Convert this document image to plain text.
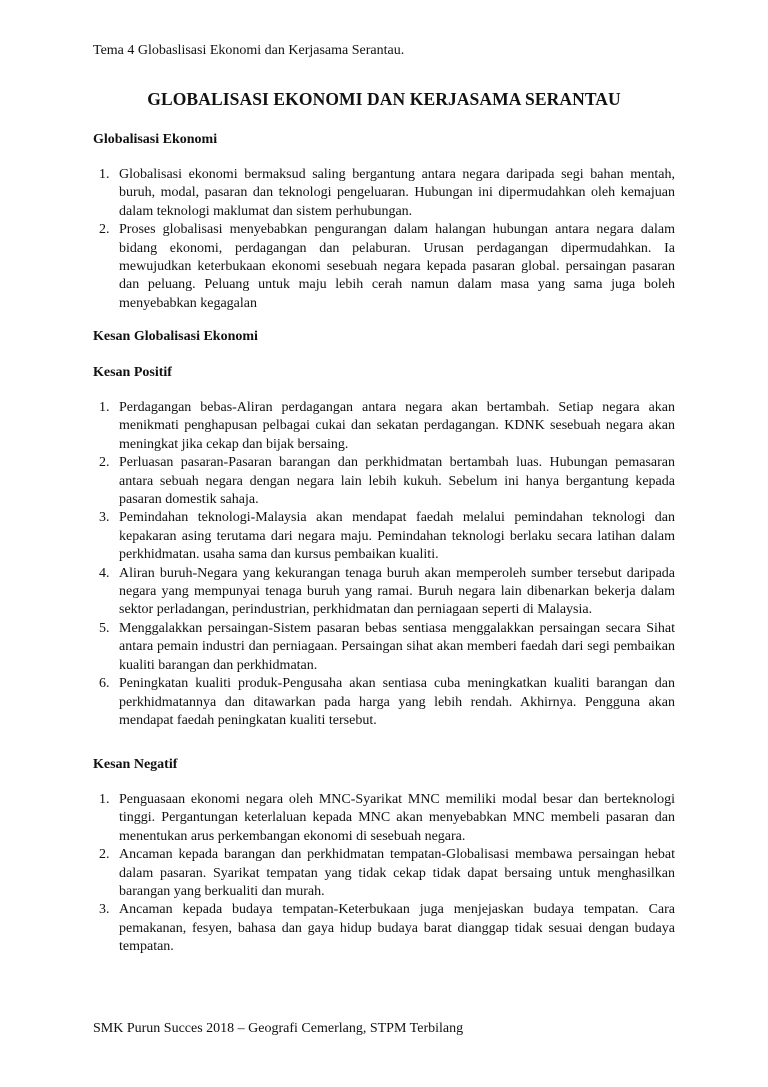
Tema 4 Globaslisasi Ekonomi dan Kerjasama Serantau.
GLOBALISASI EKONOMI DAN KERJASAMA SERANTAU
Globalisasi Ekonomi
1. Globalisasi ekonomi bermaksud saling bergantung antara negara daripada segi bahan mentah, buruh, modal, pasaran dan teknologi pengeluaran. Hubungan ini dipermudahkan oleh kemajuan dalam teknologi maklumat dan sistem perhubungan.
2. Proses globalisasi menyebabkan pengurangan dalam halangan hubungan antara negara dalam bidang ekonomi, perdagangan dan pelaburan. Urusan perdagangan dipermudahkan. Ia mewujudkan keterbukaan ekonomi sesebuah negara kepada pasaran global. persaingan pasaran dan peluang. Peluang untuk maju lebih cerah namun dalam masa yang sama juga boleh menyebabkan kegagalan
Kesan Globalisasi Ekonomi
Kesan Positif
1. Perdagangan bebas-Aliran perdagangan antara negara akan bertambah. Setiap negara akan menikmati penghapusan pelbagai cukai dan sekatan perdagangan. KDNK sesebuah negara akan meningkat jika cekap dan bijak bersaing.
2. Perluasan pasaran-Pasaran barangan dan perkhidmatan bertambah luas. Hubungan pemasaran antara sebuah negara dengan negara lain lebih kukuh. Sebelum ini hanya bergantung kepada pasaran domestik sahaja.
3. Pemindahan teknologi-Malaysia akan mendapat faedah melalui pemindahan teknologi dan kepakaran asing terutama dari negara maju. Pemindahan teknologi berlaku secara latihan dalam perkhidmatan. usaha sama dan kursus pembaikan kualiti.
4. Aliran buruh-Negara yang kekurangan tenaga buruh akan memperoleh sumber tersebut daripada negara yang mempunyai tenaga buruh yang ramai. Buruh negara lain dibenarkan bekerja dalam sektor perladangan, perindustrian, perkhidmatan dan perniagaan seperti di Malaysia.
5. Menggalakkan persaingan-Sistem pasaran bebas sentiasa menggalakkan persaingan secara Sihat antara pemain industri dan perniagaan. Persaingan sihat akan memberi faedah dari segi pembaikan kualiti barangan dan perkhidmatan.
6. Peningkatan kualiti produk-Pengusaha akan sentiasa cuba meningkatkan kualiti barangan dan perkhidmatannya dan ditawarkan pada harga yang lebih rendah. Akhirnya. Pengguna akan mendapat faedah peningkatan kualiti tersebut.
Kesan Negatif
1. Penguasaan ekonomi negara oleh MNC-Syarikat MNC memiliki modal besar dan berteknologi tinggi. Pergantungan keterlaluan kepada MNC akan menyebabkan MNC membeli pasaran dan menentukan arus perkembangan ekonomi di sesebuah negara.
2. Ancaman kepada barangan dan perkhidmatan tempatan-Globalisasi membawa persaingan hebat dalam pasaran. Syarikat tempatan yang tidak cekap tidak dapat bersaing untuk menghasilkan barangan yang berkualiti dan murah.
3. Ancaman kepada budaya tempatan-Keterbukaan juga menjejaskan budaya tempatan. Cara pemakanan, fesyen, bahasa dan gaya hidup budaya barat dianggap tidak sesuai dengan budaya tempatan.
SMK Purun Succes 2018 – Geografi Cemerlang, STPM Terbilang
